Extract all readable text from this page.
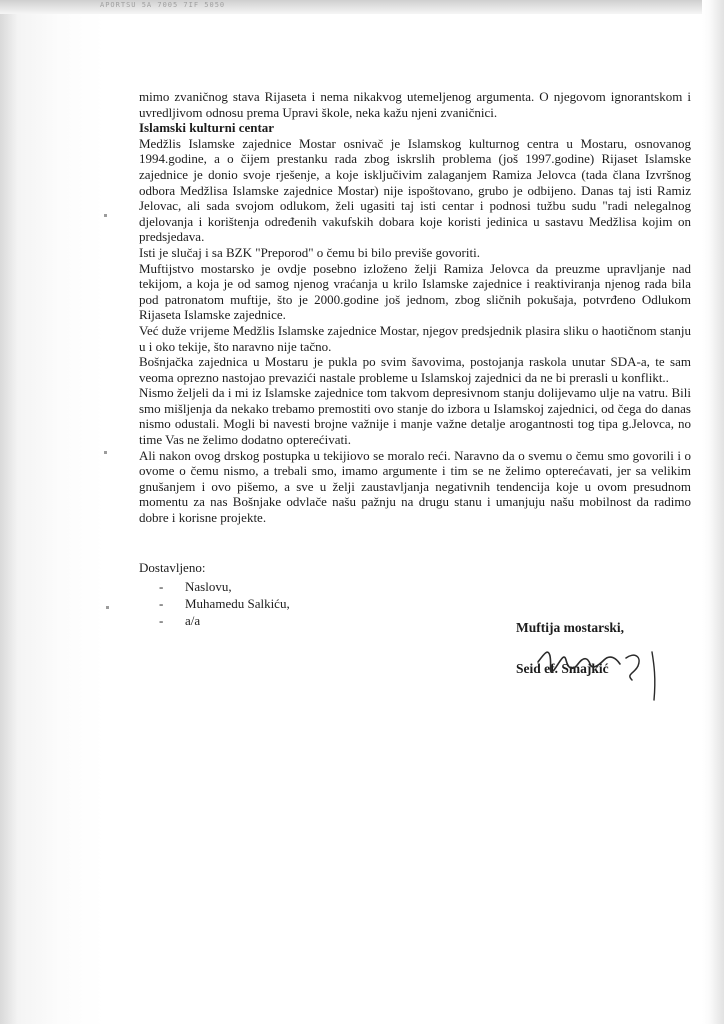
APORTSU 5A 7005 7IF 5050

mimo zvaničnog stava Rijaseta i nema nikakvog utemeljenog argumenta. O njegovom ignorantskom i uvredljivom odnosu prema Upravi škole, neka kažu njeni zvaničnici.

Islamski kulturni centar

Medžlis Islamske zajednice Mostar osnivač je Islamskog kulturnog centra u Mostaru, osnovanog 1994.godine, a o čijem prestanku rada zbog iskrslih problema (još 1997.godine) Rijaset Islamske zajednice je donio svoje rješenje, a koje isključivim zalaganjem Ramiza Jelovca (tada člana Izvršnog odbora Medžlisa Islamske zajednice Mostar) nije ispoštovano, grubo je odbijeno. Danas taj isti Ramiz Jelovac, ali sada svojom odlukom, želi ugasiti taj isti centar i podnosi tužbu sudu "radi nelegalnog djelovanja i korištenja određenih vakufskih dobara koje koristi jedinica u sastavu Medžlisa kojim on predsjedava.

Isti je slučaj i sa BZK "Preporod" o čemu bi bilo previše govoriti.

Muftijstvo mostarsko je ovdje posebno izloženo želji Ramiza Jelovca da preuzme upravljanje nad tekijom, a koja je od samog njenog vraćanja u krilo Islamske zajednice i reaktiviranja njenog rada bila pod patronatom muftije, što je 2000.godine još jednom, zbog sličnih pokušaja, potvrđeno Odlukom Rijaseta Islamske zajednice.

Već duže vrijeme Medžlis Islamske zajednice Mostar, njegov predsjednik plasira sliku o haotičnom stanju u i oko tekije, što naravno nije tačno.

Bošnjačka zajednica u Mostaru je pukla po svim šavovima, postojanja raskola unutar SDA-a, te sam veoma oprezno nastojao prevazići nastale probleme u Islamskoj zajednici da ne bi prerasli u konflikt..

Nismo željeli da i mi iz Islamske zajednice tom takvom depresivnom stanju dolijevamo ulje na vatru. Bili smo mišljenja da nekako trebamo premostiti ovo stanje do izbora u Islamskoj zajednici, od čega do danas nismo odustali. Mogli bi navesti brojne važnije i manje važne detalje arogantnosti tog tipa g.Jelovca, no time Vas ne želimo dodatno opterećivati.

Ali nakon ovog drskog postupka u tekijiovo se moralo reći. Naravno da o svemu o čemu smo govorili i o ovome o čemu nismo, a trebali smo, imamo argumente i tim se ne želimo opterećavati, jer sa velikim gnušanjem i ovo pišemo, a sve u želji zaustavljanja negativnih tendencija koje u ovom presudnom momentu za nas Bošnjake odvlače našu pažnju na drugu stanu i umanjuju našu mobilnost da radimo dobre i korisne projekte.

Dostavljeno:
- Naslovu,
- Muhamedu Salkiću,
- a/a	Muftija mostarski,

Seid ef. Smajkić
